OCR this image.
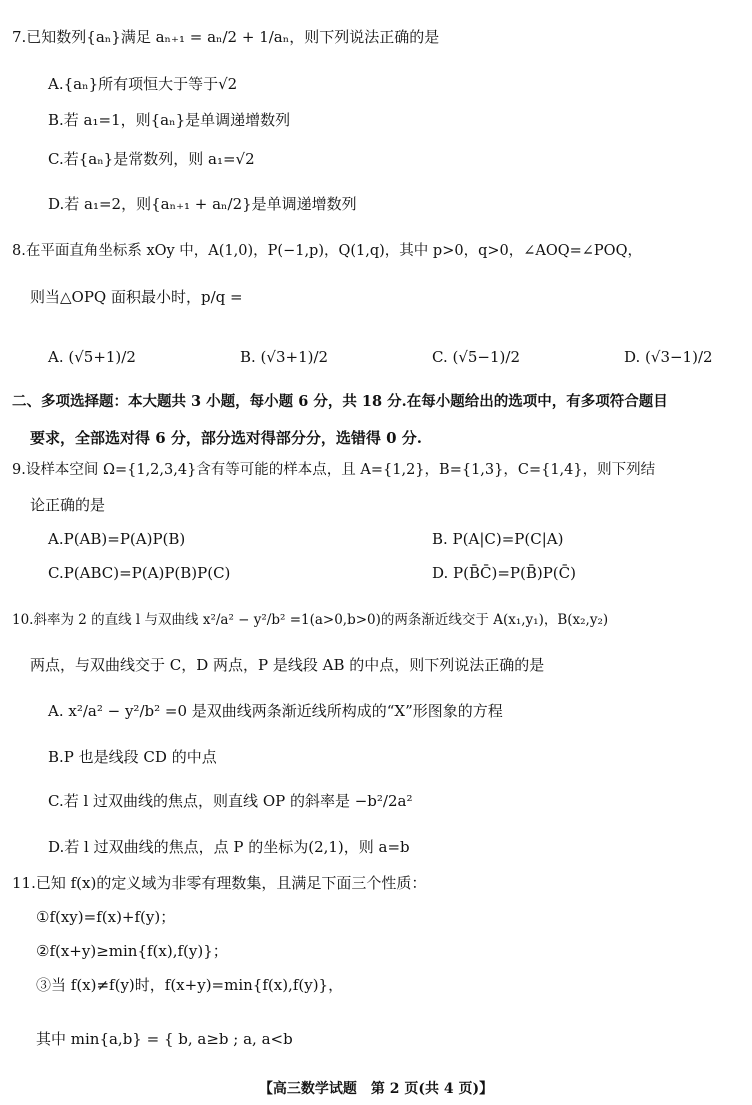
7.已知数列{aₙ}满足 aₙ₊₁ = aₙ/2 + 1/aₙ，则下列说法正确的是
A.{aₙ}所有项恒大于等于√2
B.若 a₁=1，则{aₙ}是单调递增数列
C.若{aₙ}是常数列，则 a₁=√2
D.若 a₁=2，则{aₙ₊₁ + aₙ/2}是单调递增数列
8.在平面直角坐标系 xOy 中，A(1,0)，P(−1,p)，Q(1,q)，其中 p>0，q>0，∠AOQ=∠POQ，
则当△OPQ 面积最小时，p/q =
A. (√5+1)/2	B. (√3+1)/2	C. (√5−1)/2	D. (√3−1)/2
二、多项选择题：本大题共 3 小题，每小题 6 分，共 18 分.在每小题给出的选项中，有多项符合题目
要求，全部选对得 6 分，部分选对得部分分，选错得 0 分.
9.设样本空间 Ω={1,2,3,4}含有等可能的样本点，且 A={1,2}，B={1,3}，C={1,4}，则下列结
论正确的是
A.P(AB)=P(A)P(B)	B. P(A|C)=P(C|A)
C.P(ABC)=P(A)P(B)P(C)	D. P(B̄C̄)=P(B̄)P(C̄)
10.斜率为 2 的直线 l 与双曲线 x²/a² − y²/b² =1(a>0,b>0)的两条渐近线交于 A(x₁,y₁)，B(x₂,y₂)
两点，与双曲线交于 C，D 两点，P 是线段 AB 的中点，则下列说法正确的是
A. x²/a² − y²/b² =0 是双曲线两条渐近线所构成的“X”形图象的方程
B.P 也是线段 CD 的中点
C.若 l 过双曲线的焦点，则直线 OP 的斜率是 −b²/2a²
D.若 l 过双曲线的焦点，点 P 的坐标为(2,1)，则 a=b
11.已知 f(x)的定义域为非零有理数集，且满足下面三个性质：
①f(xy)=f(x)+f(y)；
②f(x+y)≥min{f(x),f(y)}；
③当 f(x)≠f(y)时，f(x+y)=min{f(x),f(y)}，
其中 min{a,b} = { b, a≥b ; a, a<b
【高三数学试题　第 2 页(共 4 页)】
